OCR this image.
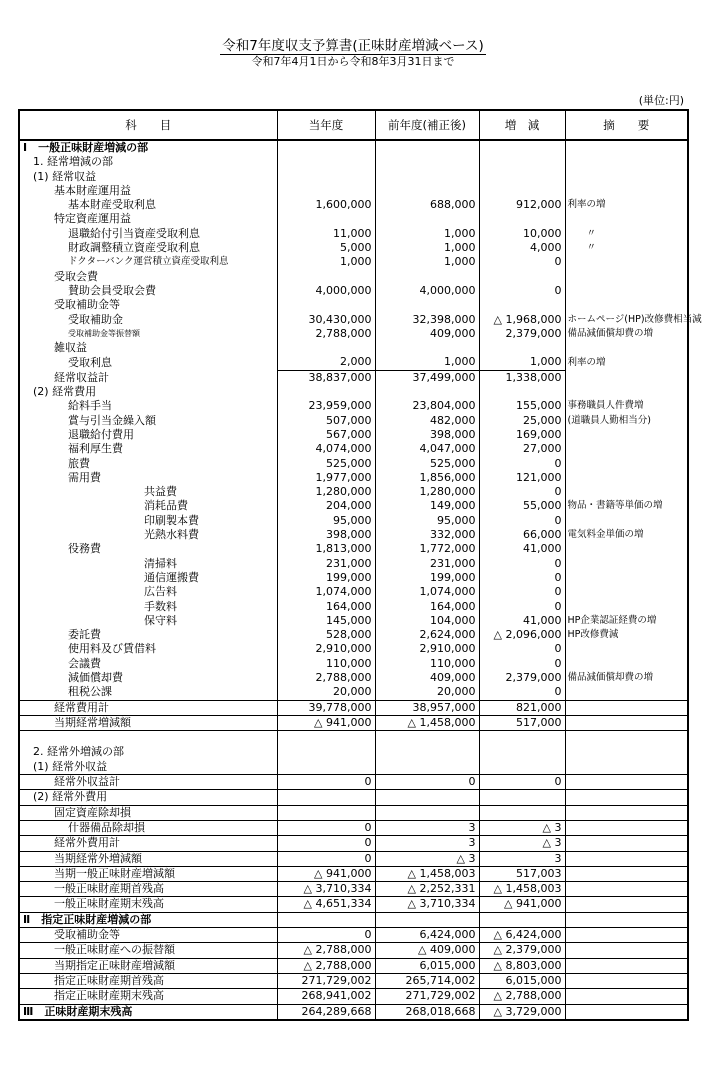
令和7年度収支予算書(正味財産増減ベース)
令和7年4月1日から令和8年3月31日まで
(単位:円)
科　　目	当年度	前年度(補正後)	増　減	摘　　要
Ⅰ　一般正味財産増減の部				
1. 経常増減の部				
(1) 経常収益				
基本財産運用益				
基本財産受取利息	1,600,000	688,000	912,000	利率の増
特定資産運用益				
退職給付引当資産受取利息	11,000	1,000	10,000	　　〃
財政調整積立資産受取利息	5,000	1,000	4,000	　　〃
ドクターバンク運営積立資産受取利息	1,000	1,000	0	
受取会費				
賛助会員受取会費	4,000,000	4,000,000	0	
受取補助金等				
受取補助金	30,430,000	32,398,000	△ 1,968,000	ホームページ(HP)改修費相当減
受取補助金等振替額	2,788,000	409,000	2,379,000	備品減価償却費の増
雑収益				
受取利息	2,000	1,000	1,000	利率の増
経常収益計	38,837,000	37,499,000	1,338,000	
(2) 経常費用				
給料手当	23,959,000	23,804,000	155,000	事務職員人件費増
賞与引当金繰入額	507,000	482,000	25,000	(道職員人勤相当分)
退職給付費用	567,000	398,000	169,000	
福利厚生費	4,074,000	4,047,000	27,000	
旅費	525,000	525,000	0	
需用費	1,977,000	1,856,000	121,000	
共益費	1,280,000	1,280,000	0	
消耗品費	204,000	149,000	55,000	物品・書籍等単価の増
印刷製本費	95,000	95,000	0	
光熱水料費	398,000	332,000	66,000	電気料金単価の増
役務費	1,813,000	1,772,000	41,000	
清掃料	231,000	231,000	0	
通信運搬費	199,000	199,000	0	
広告料	1,074,000	1,074,000	0	
手数料	164,000	164,000	0	
保守料	145,000	104,000	41,000	HP企業認証経費の増
委託費	528,000	2,624,000	△ 2,096,000	HP改修費減
使用料及び賃借料	2,910,000	2,910,000	0	
会議費	110,000	110,000	0	
減価償却費	2,788,000	409,000	2,379,000	備品減価償却費の増
租税公課	20,000	20,000	0	
経常費用計	39,778,000	38,957,000	821,000	
当期経常増減額	△ 941,000	△ 1,458,000	517,000	

2. 経常外増減の部				
(1) 経常外収益				
経常外収益計	0	0	0	
(2) 経常外費用				
固定資産除却損				
什器備品除却損	0	3	△ 3	
経常外費用計	0	3	△ 3	
当期経常外増減額	0	△ 3	3	
当期一般正味財産増減額	△ 941,000	△ 1,458,003	517,003	
一般正味財産期首残高	△ 3,710,334	△ 2,252,331	△ 1,458,003	
一般正味財産期末残高	△ 4,651,334	△ 3,710,334	△ 941,000	
Ⅱ　指定正味財産増減の部				
受取補助金等	0	6,424,000	△ 6,424,000	
一般正味財産への振替額	△ 2,788,000	△ 409,000	△ 2,379,000	
当期指定正味財産増減額	△ 2,788,000	6,015,000	△ 8,803,000	
指定正味財産期首残高	271,729,002	265,714,002	6,015,000	
指定正味財産期末残高	268,941,002	271,729,002	△ 2,788,000	
Ⅲ　正味財産期末残高	264,289,668	268,018,668	△ 3,729,000	
